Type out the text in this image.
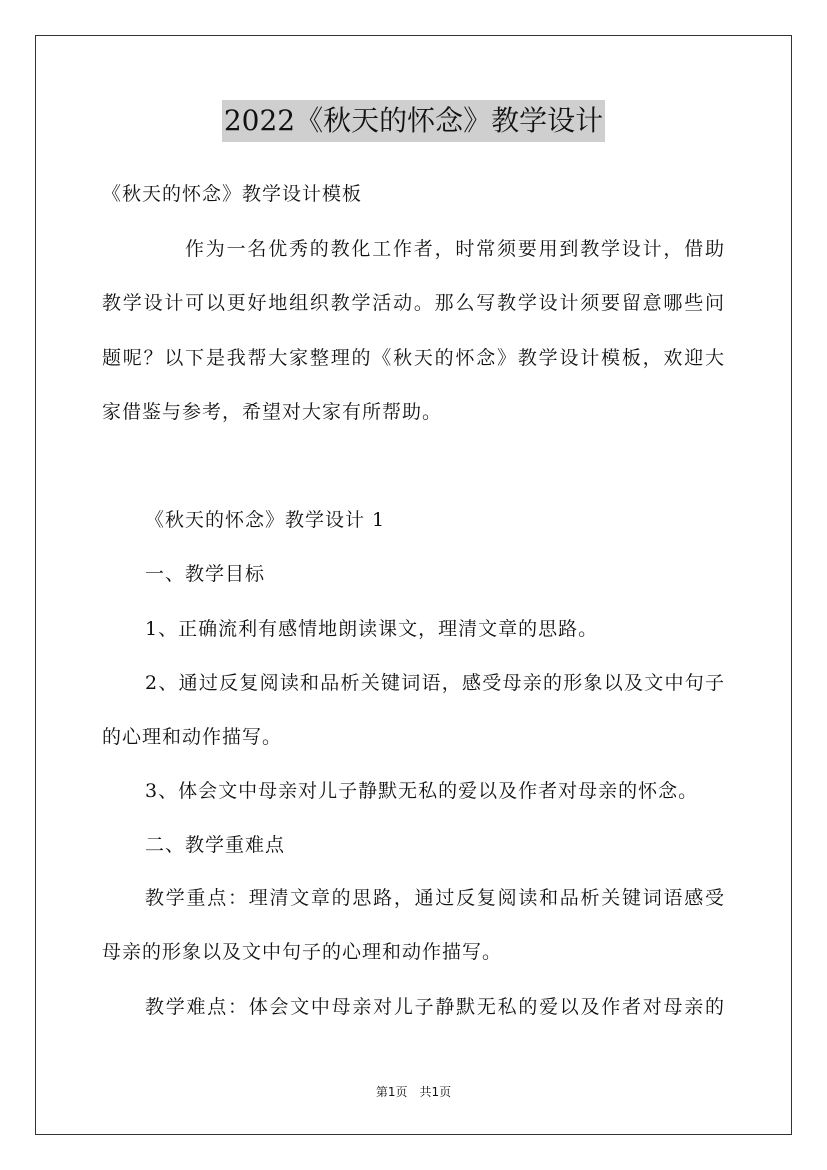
2022《秋天的怀念》教学设计
《秋天的怀念》教学设计模板
作为一名优秀的教化工作者，时常须要用到教学设计，借助
教学设计可以更好地组织教学活动。那么写教学设计须要留意哪些问
题呢？以下是我帮大家整理的《秋天的怀念》教学设计模板，欢迎大
家借鉴与参考，希望对大家有所帮助。
《秋天的怀念》教学设计 1
一、教学目标
1、正确流利有感情地朗读课文，理清文章的思路。
2、通过反复阅读和品析关键词语，感受母亲的形象以及文中句子
的心理和动作描写。
3、体会文中母亲对儿子静默无私的爱以及作者对母亲的怀念。
二、教学重难点
教学重点：理清文章的思路，通过反复阅读和品析关键词语感受
母亲的形象以及文中句子的心理和动作描写。
教学难点：体会文中母亲对儿子静默无私的爱以及作者对母亲的
第1页　共1页
